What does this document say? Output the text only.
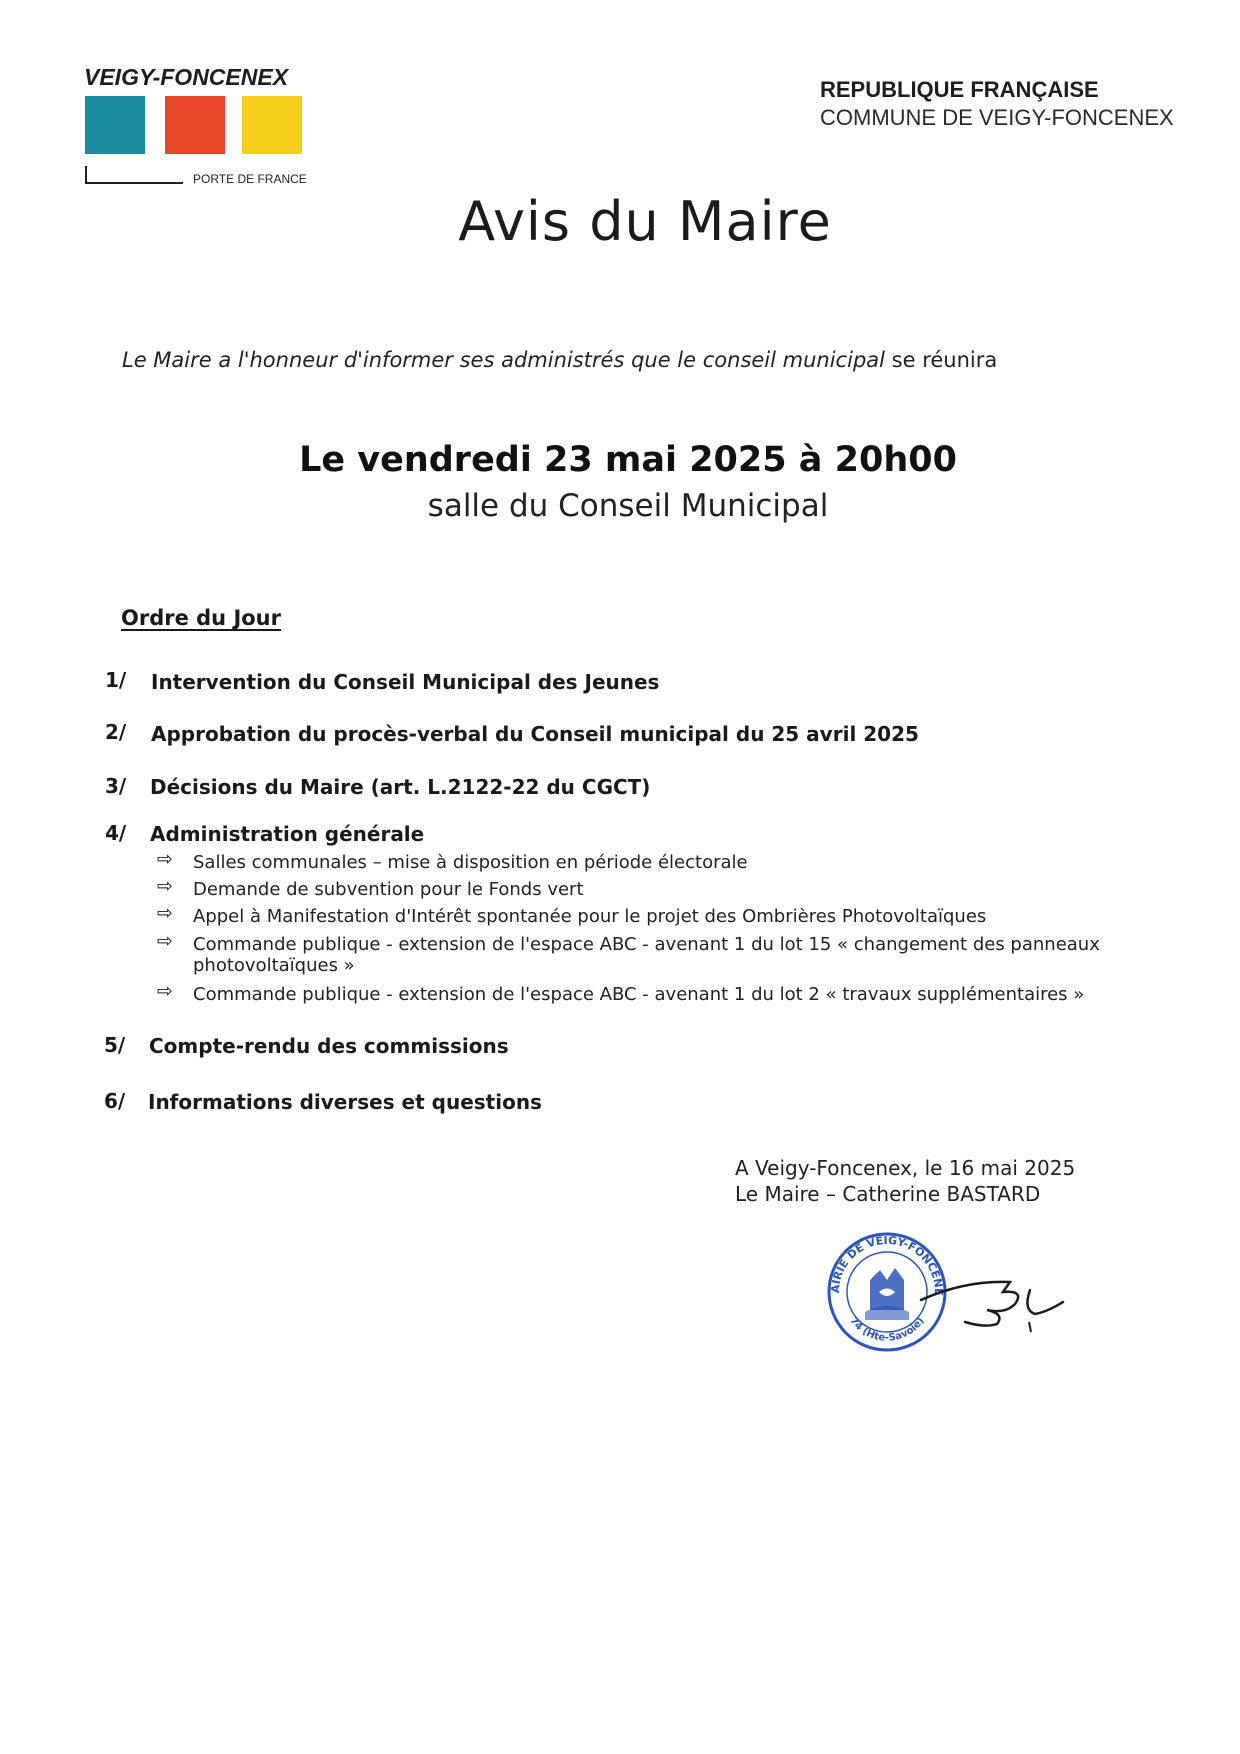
VEIGY-FONCENEX
PORTE DE FRANCE
REPUBLIQUE FRANÇAISE
COMMUNE DE VEIGY-FONCENEX
Avis du Maire
Le Maire a l'honneur d'informer ses administrés que le conseil municipal se réunira
Le vendredi 23 mai 2025 à 20h00
salle du Conseil Municipal
Ordre du Jour
1/ Intervention du Conseil Municipal des Jeunes
2/ Approbation du procès-verbal du Conseil municipal du 25 avril 2025
3/ Décisions du Maire (art. L.2122-22 du CGCT)
4/ Administration générale
⇨ Salles communales – mise à disposition en période électorale
⇨ Demande de subvention pour le Fonds vert
⇨ Appel à Manifestation d'Intérêt spontanée pour le projet des Ombrières Photovoltaïques
⇨ Commande publique - extension de l'espace ABC - avenant 1 du lot 15 « changement des panneaux
photovoltaïques »
⇨ Commande publique - extension de l'espace ABC - avenant 1 du lot 2 « travaux supplémentaires »
5/ Compte-rendu des commissions
6/ Informations diverses et questions
A Veigy-Foncenex, le 16 mai 2025
Le Maire – Catherine BASTARD
AIRIE DE VEIGY-FONCENE
74 (Hte-Savoie)
